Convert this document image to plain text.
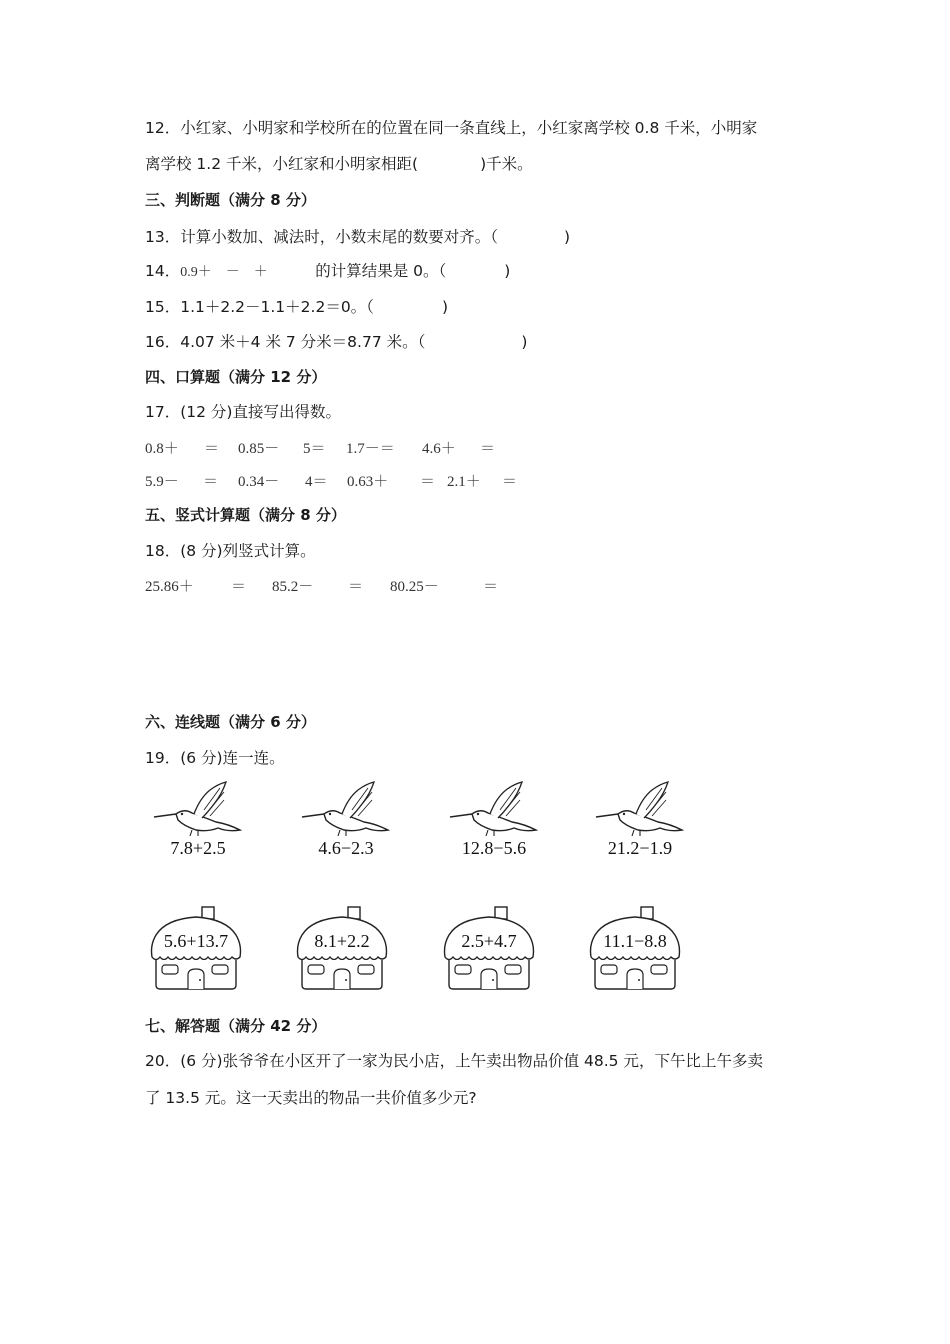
12．小红家、小明家和学校所在的位置在同一条直线上，小红家离学校 0.8 千米，小明家
离学校 1.2 千米，小红家和小明家相距(	)千米。
三、判断题（满分 8 分）
13．计算小数加、减法时，小数末尾的数要对齐。（	)
14．0.9＋　－　＋	的计算结果是 0。（	)
15．1.1＋2.2－1.1＋2.2＝0。（	)
16．4.07 米＋4 米 7 分米＝8.77 米。（	)
四、口算题（满分 12 分）
17．(12 分)直接写出得数。
0.8＋ ＝ 0.85－ 5＝ 1.7－＝ 4.6＋ ＝
5.9－ ＝ 0.34－ 4＝ 0.63＋ ＝ 2.1＋ ＝
五、竖式计算题（满分 8 分）
18．(8 分)列竖式计算。
25.86＋ ＝ 85.2－ ＝ 80.25－	＝
六、连线题（满分 6 分）
19．(6 分)连一连。
7.8+2.5	4.6−2.3	12.8−5.6	21.2−1.9
5.6+13.7	8.1+2.2	2.5+4.7	11.1−8.8
七、解答题（满分 42 分）
20．(6 分)张爷爷在小区开了一家为民小店，上午卖出物品价值 48.5 元，下午比上午多卖
了 13.5 元。这一天卖出的物品一共价值多少元?
